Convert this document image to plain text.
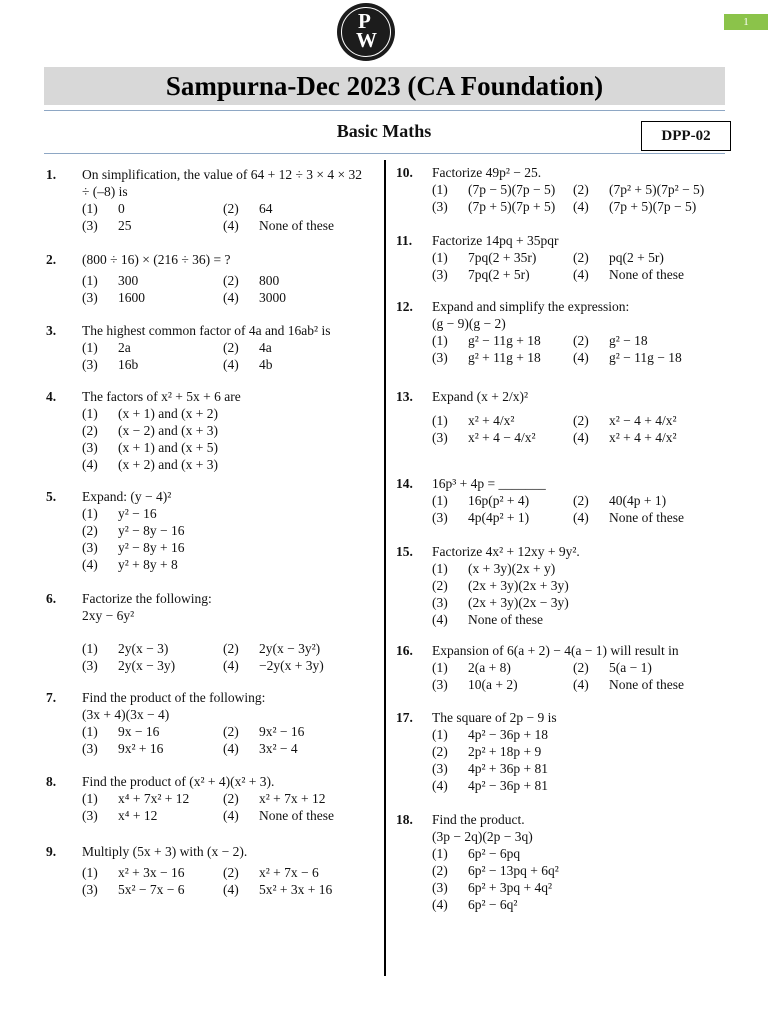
1
P
W
Sampurna-Dec 2023 (CA Foundation)
Basic Maths	DPP-02
1. On simplification, the value of 64 + 12 ÷ 3 × 4 × 32
÷ (–8) is
(1) 0	(2) 64
(3) 25	(4) None of these
2. (800 ÷ 16) × (216 ÷ 36) = ?
(1) 300	(2) 800
(3) 1600	(4) 3000
3. The highest common factor of 4a and 16ab² is
(1) 2a	(2) 4a
(3) 16b	(4) 4b
4. The factors of x² + 5x + 6 are
(1) (x + 1) and (x + 2)
(2) (x − 2) and (x + 3)
(3) (x + 1) and (x + 5)
(4) (x + 2) and (x + 3)
5. Expand: (y − 4)²
(1) y² − 16
(2) y² − 8y − 16
(3) y² − 8y + 16
(4) y² + 8y + 8
6. Factorize the following:
2xy − 6y²
(1) 2y(x − 3)	(2) 2y(x − 3y²)
(3) 2y(x − 3y)	(4) −2y(x + 3y)
7. Find the product of the following:
(3x + 4)(3x − 4)
(1) 9x − 16	(2) 9x² − 16
(3) 9x² + 16	(4) 3x² − 4
8. Find the product of (x² + 4)(x² + 3).
(1) x⁴ + 7x² + 12	(2) x² + 7x + 12
(3) x⁴ + 12	(4) None of these
9. Multiply (5x + 3) with (x − 2).
(1) x² + 3x − 16	(2) x² + 7x − 6
(3) 5x² − 7x − 6	(4) 5x² + 3x + 16
10. Factorize 49p² − 25.
(1) (7p − 5)(7p − 5) (2) (7p² + 5)(7p² − 5)
(3) (7p + 5)(7p + 5) (4) (7p + 5)(7p − 5)
11. Factorize 14pq + 35pqr
(1) 7pq(2 + 35r)	(2) pq(2 + 5r)
(3) 7pq(2 + 5r)	(4) None of these
12. Expand and simplify the expression:
(g − 9)(g − 2)
(1) g² − 11g + 18 (2) g² − 18
(3) g² + 11g + 18 (4) g² − 11g − 18
13. Expand (x + 2/x)²
(1) x² + 4/x²	(2) x² − 4 + 4/x²
(3) x² + 4 − 4/x²	(4) x² + 4 + 4/x²
14. 16p³ + 4p = _______
(1) 16p(p² + 4)	(2) 40(4p + 1)
(3) 4p(4p² + 1)	(4) None of these
15. Factorize 4x² + 12xy + 9y².
(1) (x + 3y)(2x + y)
(2) (2x + 3y)(2x + 3y)
(3) (2x + 3y)(2x − 3y)
(4) None of these
16. Expansion of 6(a + 2) − 4(a − 1) will result in
(1) 2(a + 8)	(2) 5(a − 1)
(3) 10(a + 2)	(4) None of these
17. The square of 2p − 9 is
(1) 4p² − 36p + 18
(2) 2p² + 18p + 9
(3) 4p² + 36p + 81
(4) 4p² − 36p + 81
18. Find the product.
(3p − 2q)(2p − 3q)
(1) 6p² − 6pq
(2) 6p² − 13pq + 6q²
(3) 6p² + 3pq + 4q²
(4) 6p² − 6q²
